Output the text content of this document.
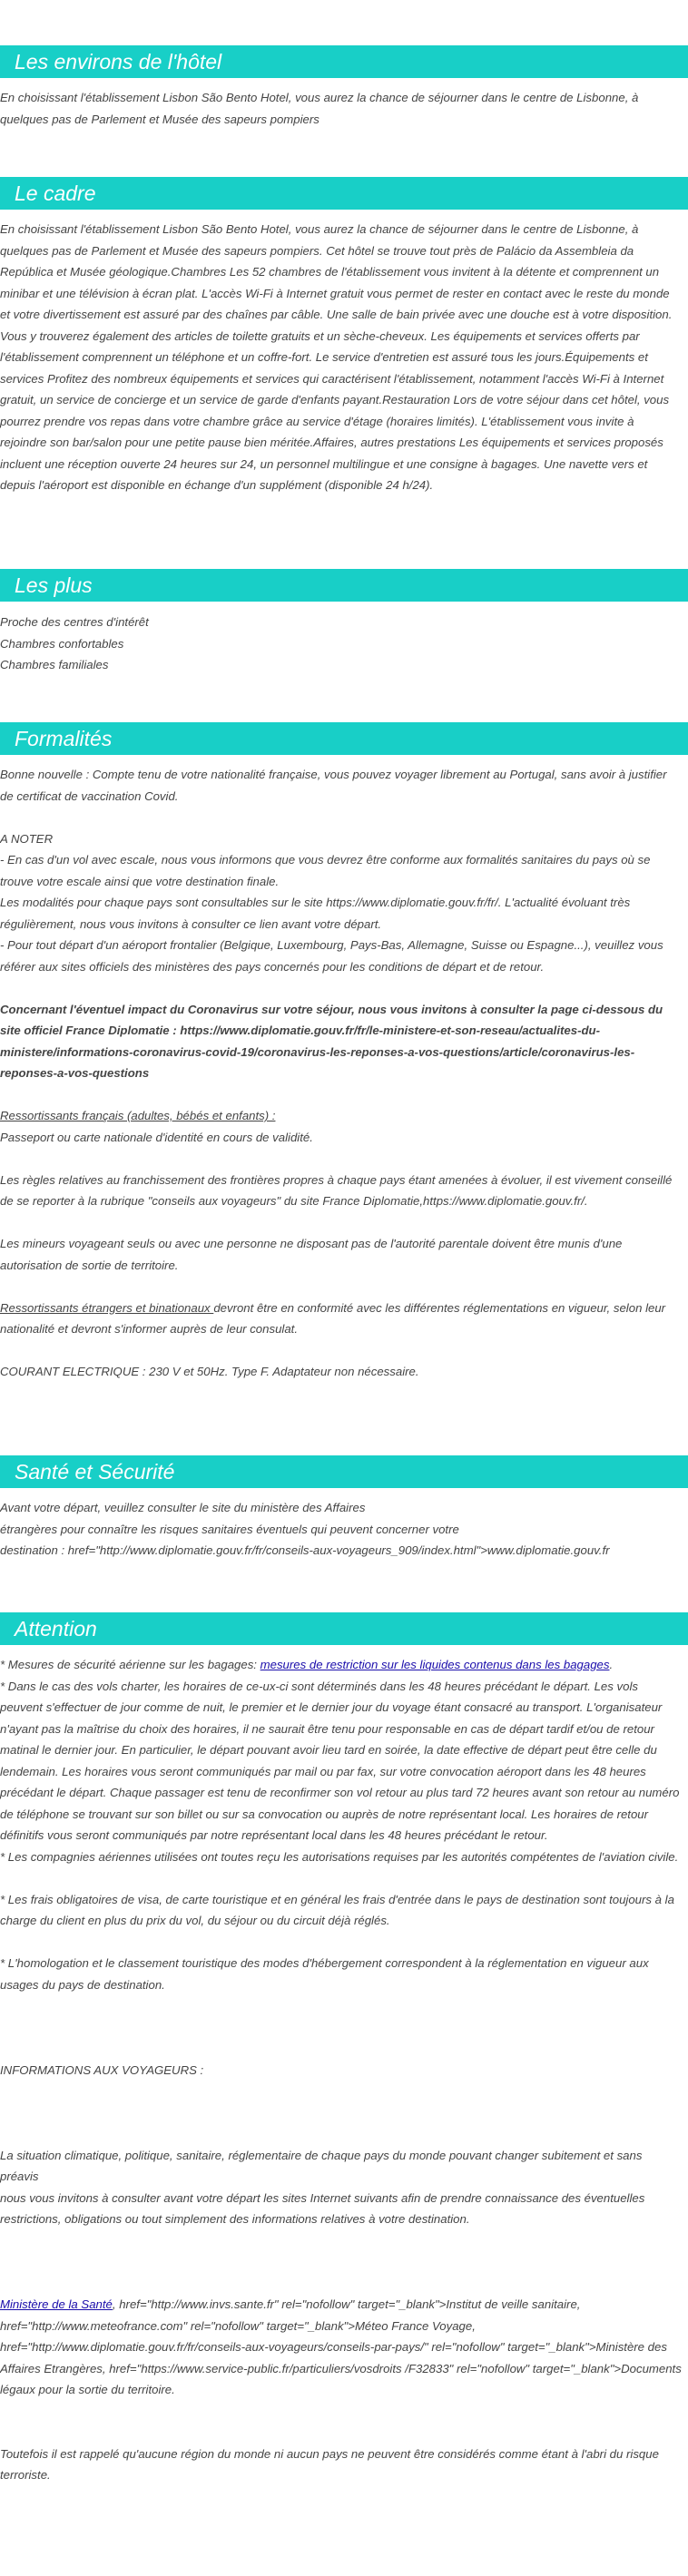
Les environs de l'hôtel

En choisissant l'établissement Lisbon São Bento Hotel, vous aurez la chance de séjourner dans le centre de Lisbonne, à quelques pas de Parlement et Musée des sapeurs pompiers

Le cadre

En choisissant l'établissement Lisbon São Bento Hotel, vous aurez la chance de séjourner dans le centre de Lisbonne, à quelques pas de Parlement et Musée des sapeurs pompiers. Cet hôtel se trouve tout près de Palácio da Assembleia da República et Musée géologique.Chambres Les 52 chambres de l'établissement vous invitent à la détente et comprennent un minibar et une télévision à écran plat. L'accès Wi-Fi à Internet gratuit vous permet de rester en contact avec le reste du monde et votre divertissement est assuré par des chaînes par câble. Une salle de bain privée avec une douche est à votre disposition. Vous y trouverez également des articles de toilette gratuits et un sèche-cheveux. Les équipements et services offerts par l'établissement comprennent un téléphone et un coffre-fort. Le service d'entretien est assuré tous les jours.Équipements et services Profitez des nombreux équipements et services qui caractérisent l'établissement, notamment l'accès Wi-Fi à Internet gratuit, un service de concierge et un service de garde d'enfants payant.Restauration Lors de votre séjour dans cet hôtel, vous pourrez prendre vos repas dans votre chambre grâce au service d'étage (horaires limités). L'établissement vous invite à rejoindre son bar/salon pour une petite pause bien méritée.Affaires, autres prestations Les équipements et services proposés incluent une réception ouverte 24 heures sur 24, un personnel multilingue et une consigne à bagages. Une navette vers et depuis l'aéroport est disponible en échange d'un supplément (disponible 24 h/24).

Les plus

Proche des centres d'intérêt

Chambres confortables

Chambres familiales

Formalités

Bonne nouvelle : Compte tenu de votre nationalité française, vous pouvez voyager librement au Portugal, sans avoir à justifier de certificat de vaccination Covid.

A NOTER

- En cas d'un vol avec escale, nous vous informons que vous devrez être conforme aux formalités sanitaires du pays où se trouve votre escale ainsi que votre destination finale.

Les modalités pour chaque pays sont consultables sur le site https://www.diplomatie.gouv.fr/fr/. L'actualité évoluant très régulièrement, nous vous invitons à consulter ce lien avant votre départ.

- Pour tout départ d'un aéroport frontalier (Belgique, Luxembourg, Pays-Bas, Allemagne, Suisse ou Espagne...), veuillez vous référer aux sites officiels des ministères des pays concernés pour les conditions de départ et de retour.

Concernant l'éventuel impact du Coronavirus sur votre séjour, nous vous invitons à consulter la page ci-dessous du site officiel France Diplomatie : https://www.diplomatie.gouv.fr/fr/le-ministere-et-son-reseau/actualites-du-ministere/informations-coronavirus-covid-19/coronavirus-les-reponses-a-vos-questions/article/coronavirus-les-reponses-a-vos-questions

Ressortissants français (adultes, bébés et enfants) :

Passeport ou carte nationale d'identité en cours de validité.

Les règles relatives au franchissement des frontières propres à chaque pays étant amenées à évoluer, il est vivement conseillé de se reporter à la rubrique "conseils aux voyageurs" du site France Diplomatie,https://www.diplomatie.gouv.fr/.

Les mineurs voyageant seuls ou avec une personne ne disposant pas de l'autorité parentale doivent être munis d'une autorisation de sortie de territoire.

Ressortissants étrangers et binationaux devront être en conformité avec les différentes réglementations en vigueur, selon leur nationalité et devront s'informer auprès de leur consulat.

COURANT ELECTRIQUE : 230 V et 50Hz. Type F. Adaptateur non nécessaire.

Santé et Sécurité

Avant votre départ, veuillez consulter le site du ministère des Affaires

étrangères pour connaître les risques sanitaires éventuels qui peuvent concerner votre

destination : href="http://www.diplomatie.gouv.fr/fr/conseils-aux-voyageurs_909/index.html">www.diplomatie.gouv.fr

Attention

* Mesures de sécurité aérienne sur les bagages: mesures de restriction sur les liquides contenus dans les bagages.

* Dans le cas des vols charter, les horaires de ce-ux-ci sont déterminés dans les 48 heures précédant le départ. Les vols peuvent s'effectuer de jour comme de nuit, le premier et le dernier jour du voyage étant consacré au transport. L'organisateur n'ayant pas la maîtrise du choix des horaires, il ne saurait être tenu pour responsable en cas de départ tardif et/ou de retour matinal le dernier jour. En particulier, le départ pouvant avoir lieu tard en soirée, la date effective de départ peut être celle du lendemain. Les horaires vous seront communiqués par mail ou par fax, sur votre convocation aéroport dans les 48 heures précédant le départ. Chaque passager est tenu de reconfirmer son vol retour au plus tard 72 heures avant son retour au numéro de téléphone se trouvant sur son billet ou sur sa convocation ou auprès de notre représentant local. Les horaires de retour définitifs vous seront communiqués par notre représentant local dans les 48 heures précédant le retour.

* Les compagnies aériennes utilisées ont toutes reçu les autorisations requises par les autorités compétentes de l'aviation civile.

* Les frais obligatoires de visa, de carte touristique et en général les frais d'entrée dans le pays de destination sont toujours à la charge du client en plus du prix du vol, du séjour ou du circuit déjà réglés.

* L'homologation et le classement touristique des modes d'hébergement correspondent à la réglementation en vigueur aux usages du pays de destination.

INFORMATIONS AUX VOYAGEURS :

La situation climatique, politique, sanitaire, réglementaire de chaque pays du monde pouvant changer subitement et sans préavis

nous vous invitons à consulter avant votre départ les sites Internet suivants afin de prendre connaissance des éventuelles restrictions, obligations ou tout simplement des informations relatives à votre destination.

Ministère de la Santé, href="http://www.invs.sante.fr" rel="nofollow" target="_blank">Institut de veille sanitaire, href="http://www.meteofrance.com" rel="nofollow" target="_blank">Méteo France Voyage, href="http://www.diplomatie.gouv.fr/fr/conseils-aux-voyageurs/conseils-par-pays/" rel="nofollow" target="_blank">Ministère des Affaires Etrangères, href="https://www.service-public.fr/particuliers/vosdroits /F32833" rel="nofollow" target="_blank">Documents légaux pour la sortie du territoire.

Toutefois il est rappelé qu'aucune région du monde ni aucun pays ne peuvent être considérés comme étant à l'abri du risque terroriste.
